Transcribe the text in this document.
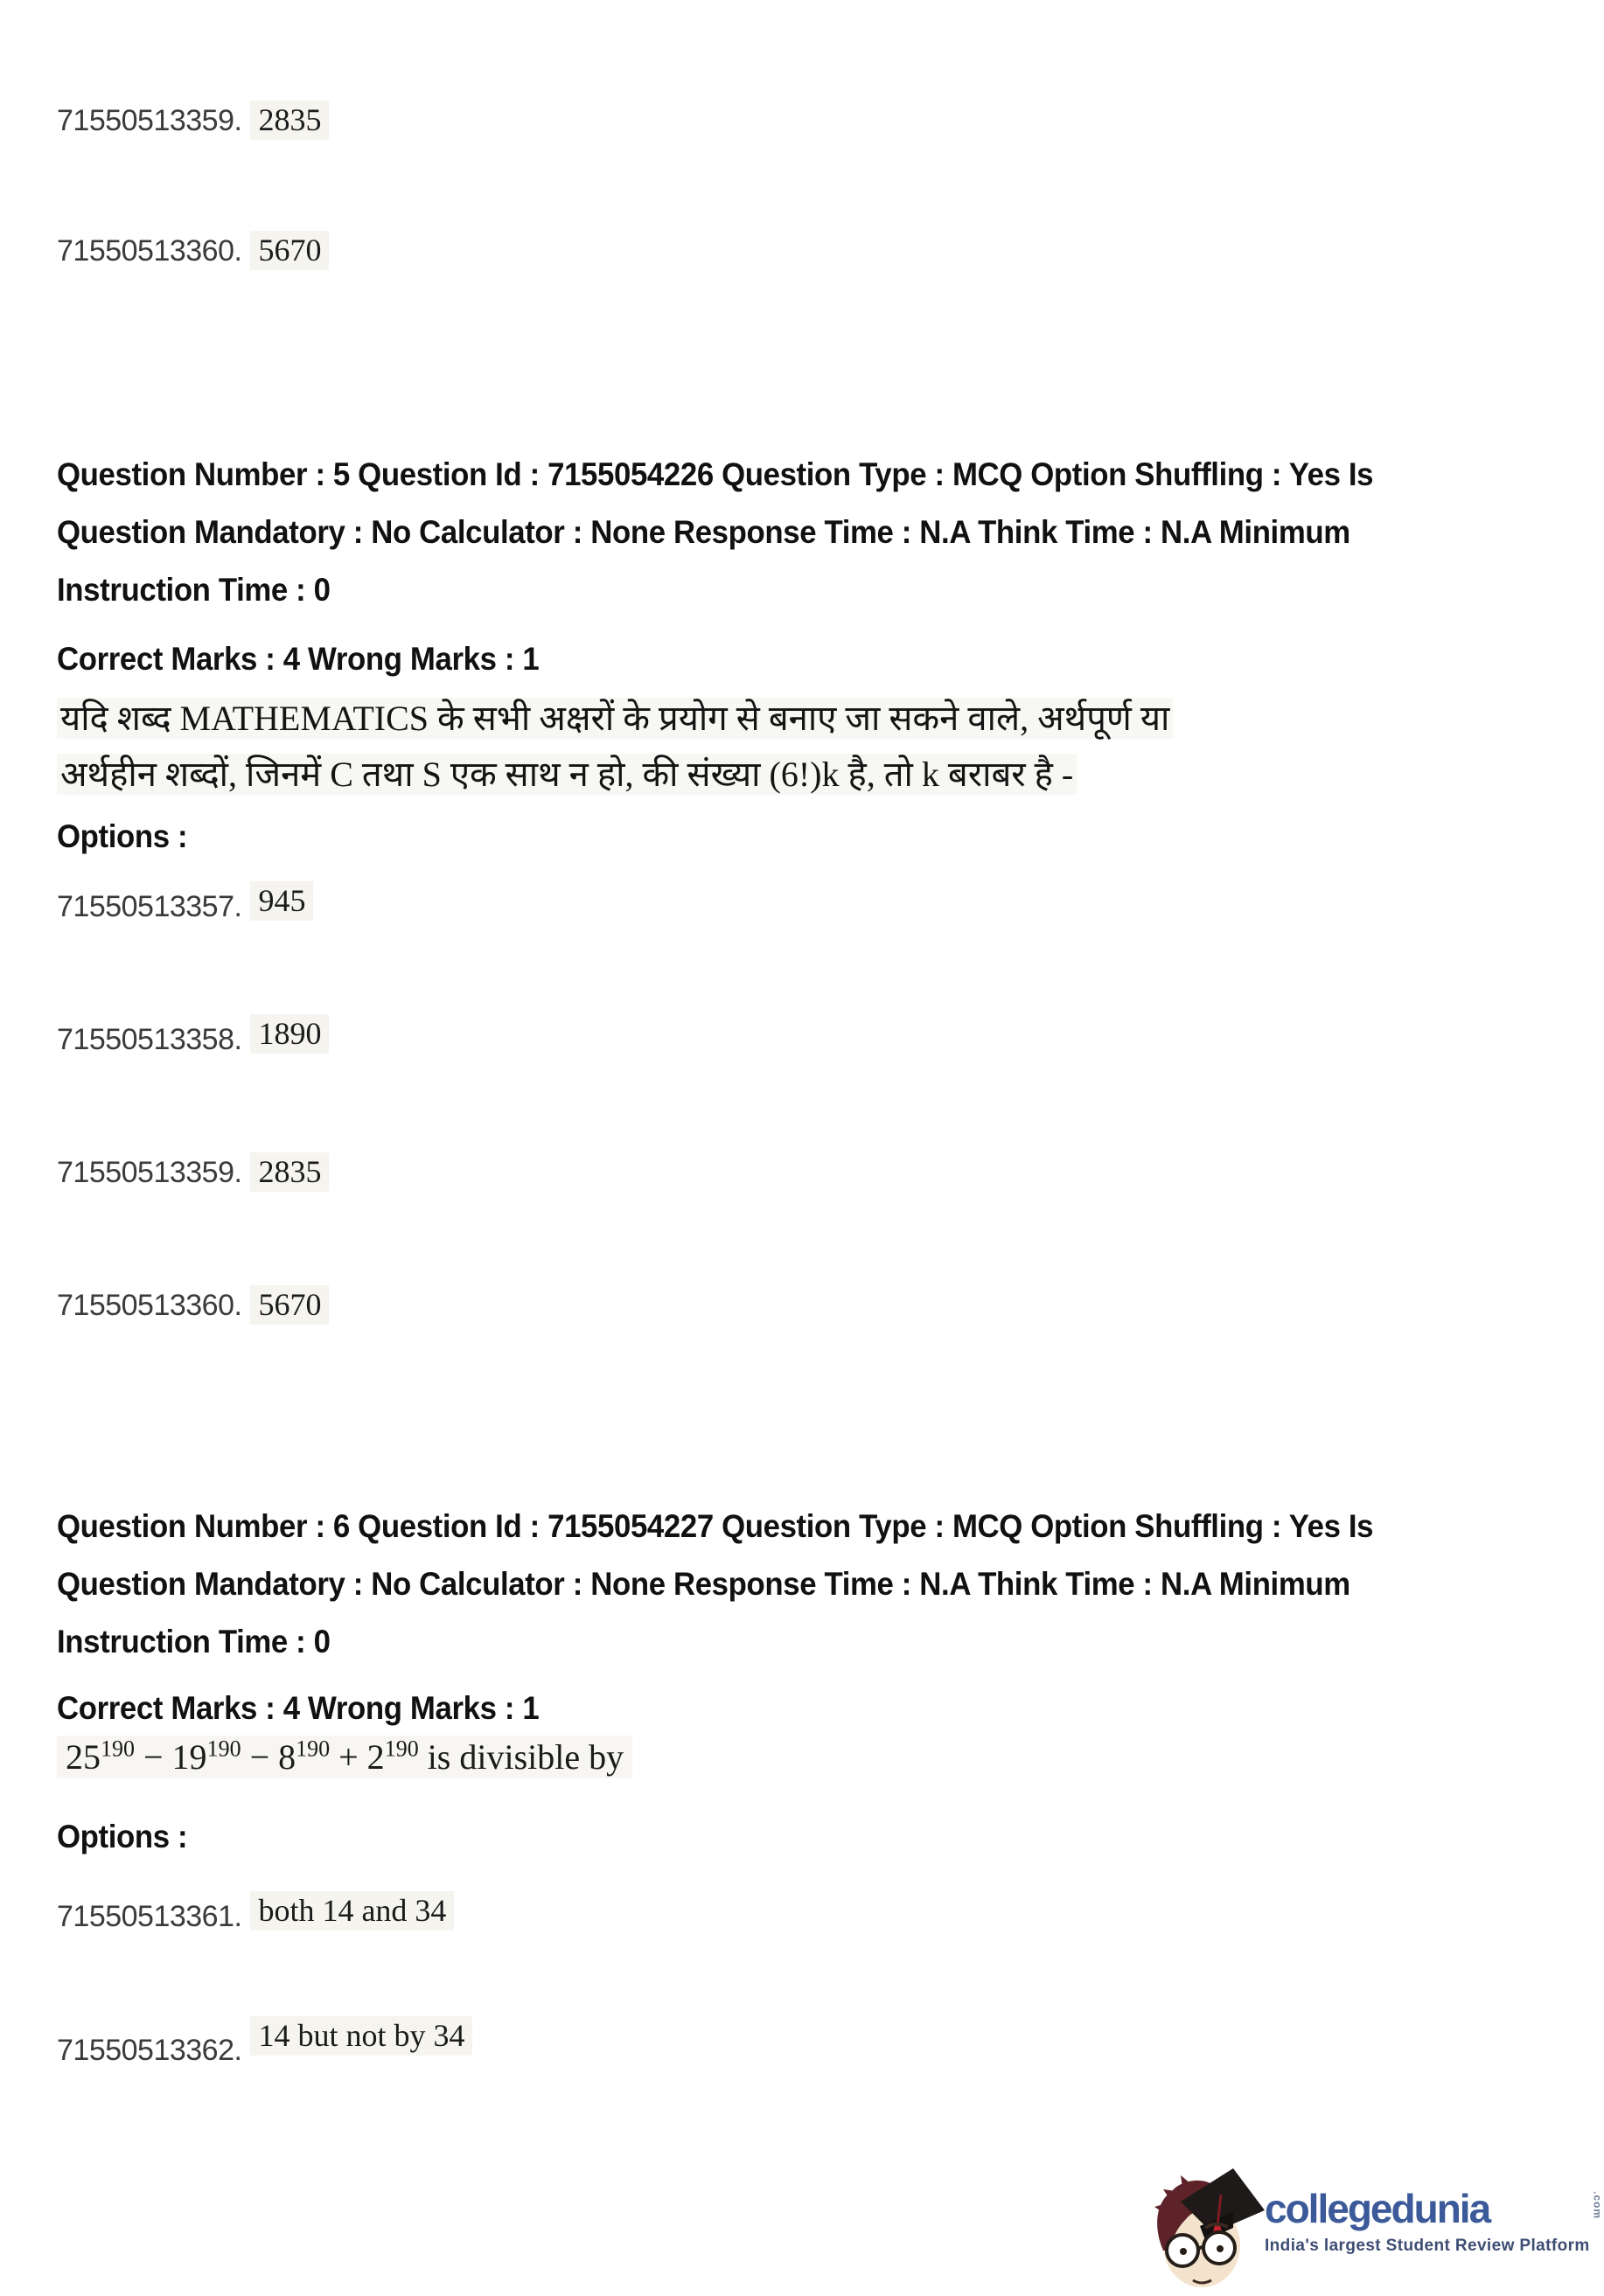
71550513359. 2835
71550513360. 5670
Question Number : 5 Question Id : 7155054226 Question Type : MCQ Option Shuffling : Yes Is
Question Mandatory : No Calculator : None Response Time : N.A Think Time : N.A Minimum
Instruction Time : 0
Correct Marks : 4 Wrong Marks : 1
यदि शब्द MATHEMATICS के सभी अक्षरों के प्रयोग से बनाए जा सकने वाले, अर्थपूर्ण या
अर्थहीन शब्दों, जिनमें C तथा S एक साथ न हो, की संख्या (6!)k है, तो k बराबर है -
Options :
71550513357. 945
71550513358. 1890
71550513359. 2835
71550513360. 5670
Question Number : 6 Question Id : 7155054227 Question Type : MCQ Option Shuffling : Yes Is
Question Mandatory : No Calculator : None Response Time : N.A Think Time : N.A Minimum
Instruction Time : 0
Correct Marks : 4 Wrong Marks : 1
$25^{190} - 19^{190} - 8^{190} + 2^{190}$ is divisible by
Options :
71550513361. both 14 and 34
71550513362. 14 but not by 34
collegedunia	.com
India's largest Student Review Platform
